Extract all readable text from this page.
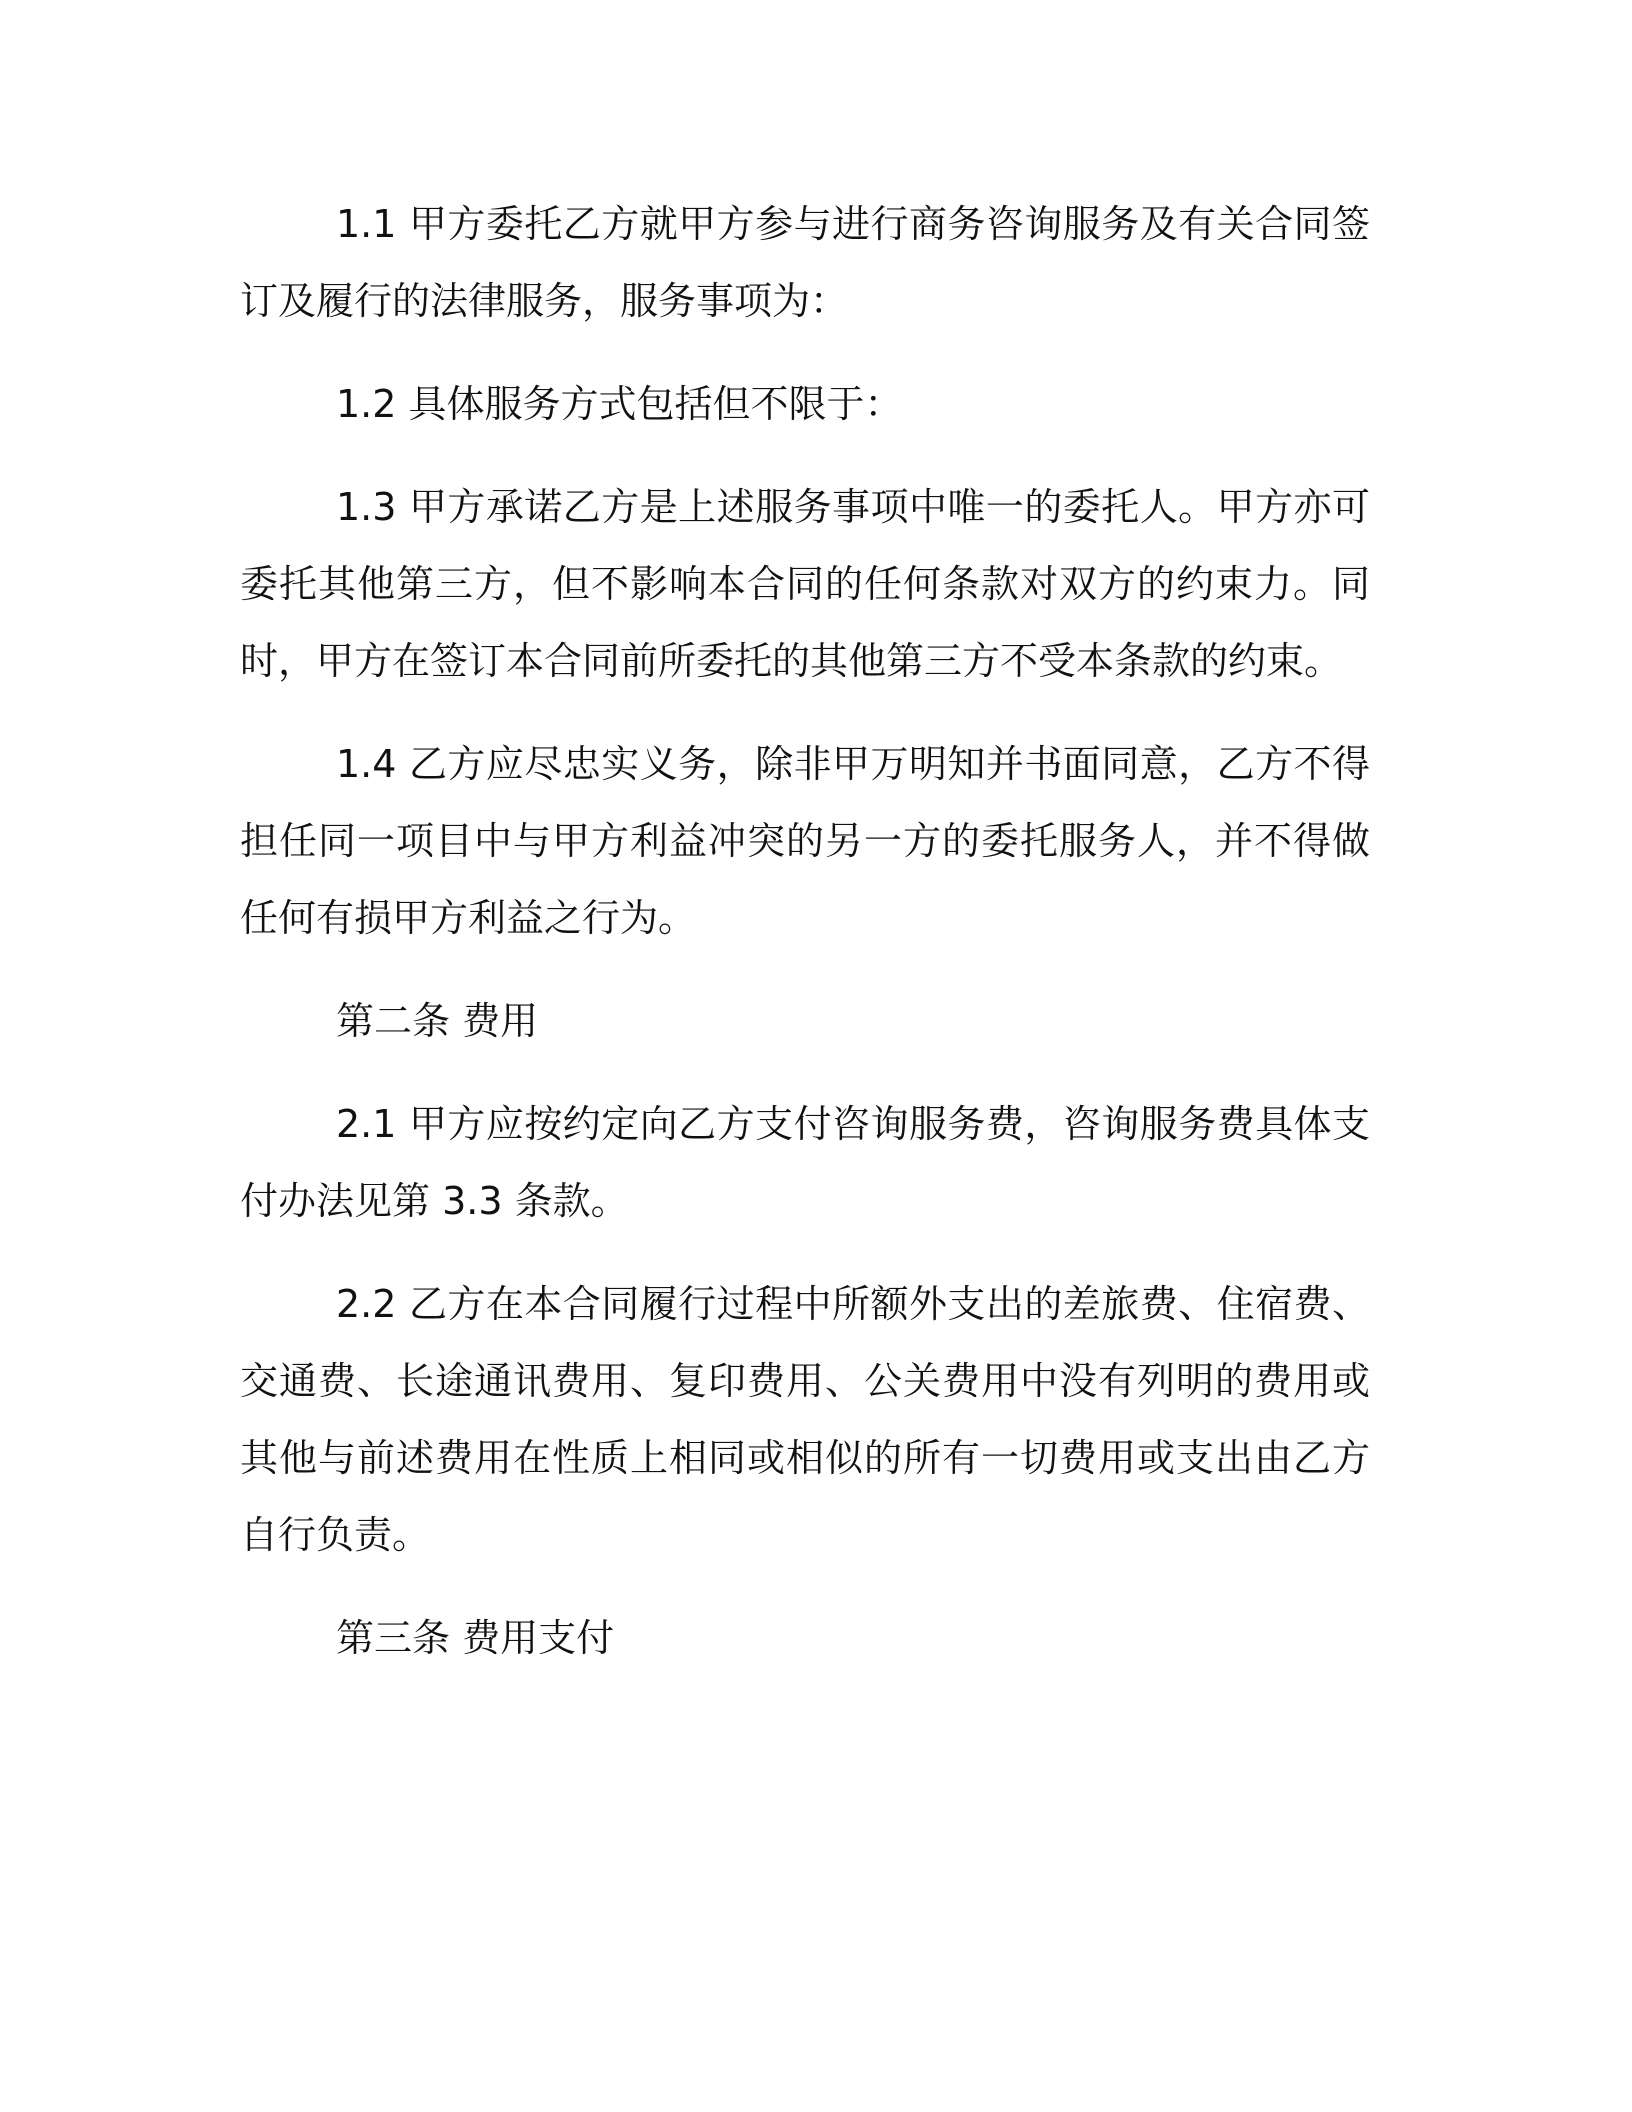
1.1 甲方委托乙方就甲方参与进行商务咨询服务及有关合同签订及履行的法律服务，服务事项为：

1.2 具体服务方式包括但不限于：

1.3 甲方承诺乙方是上述服务事项中唯一的委托人。甲方亦可委托其他第三方，但不影响本合同的任何条款对双方的约束力。同时，甲方在签订本合同前所委托的其他第三方不受本条款的约束。

1.4 乙方应尽忠实义务，除非甲万明知并书面同意，乙方不得担任同一项目中与甲方利益冲突的另一方的委托服务人，并不得做任何有损甲方利益之行为。

第二条 费用

2.1 甲方应按约定向乙方支付咨询服务费，咨询服务费具体支付办法见第 3.3 条款。

2.2 乙方在本合同履行过程中所额外支出的差旅费、住宿费、交通费、长途通讯费用、复印费用、公关费用中没有列明的费用或其他与前述费用在性质上相同或相似的所有一切费用或支出由乙方自行负责。

第三条 费用支付
